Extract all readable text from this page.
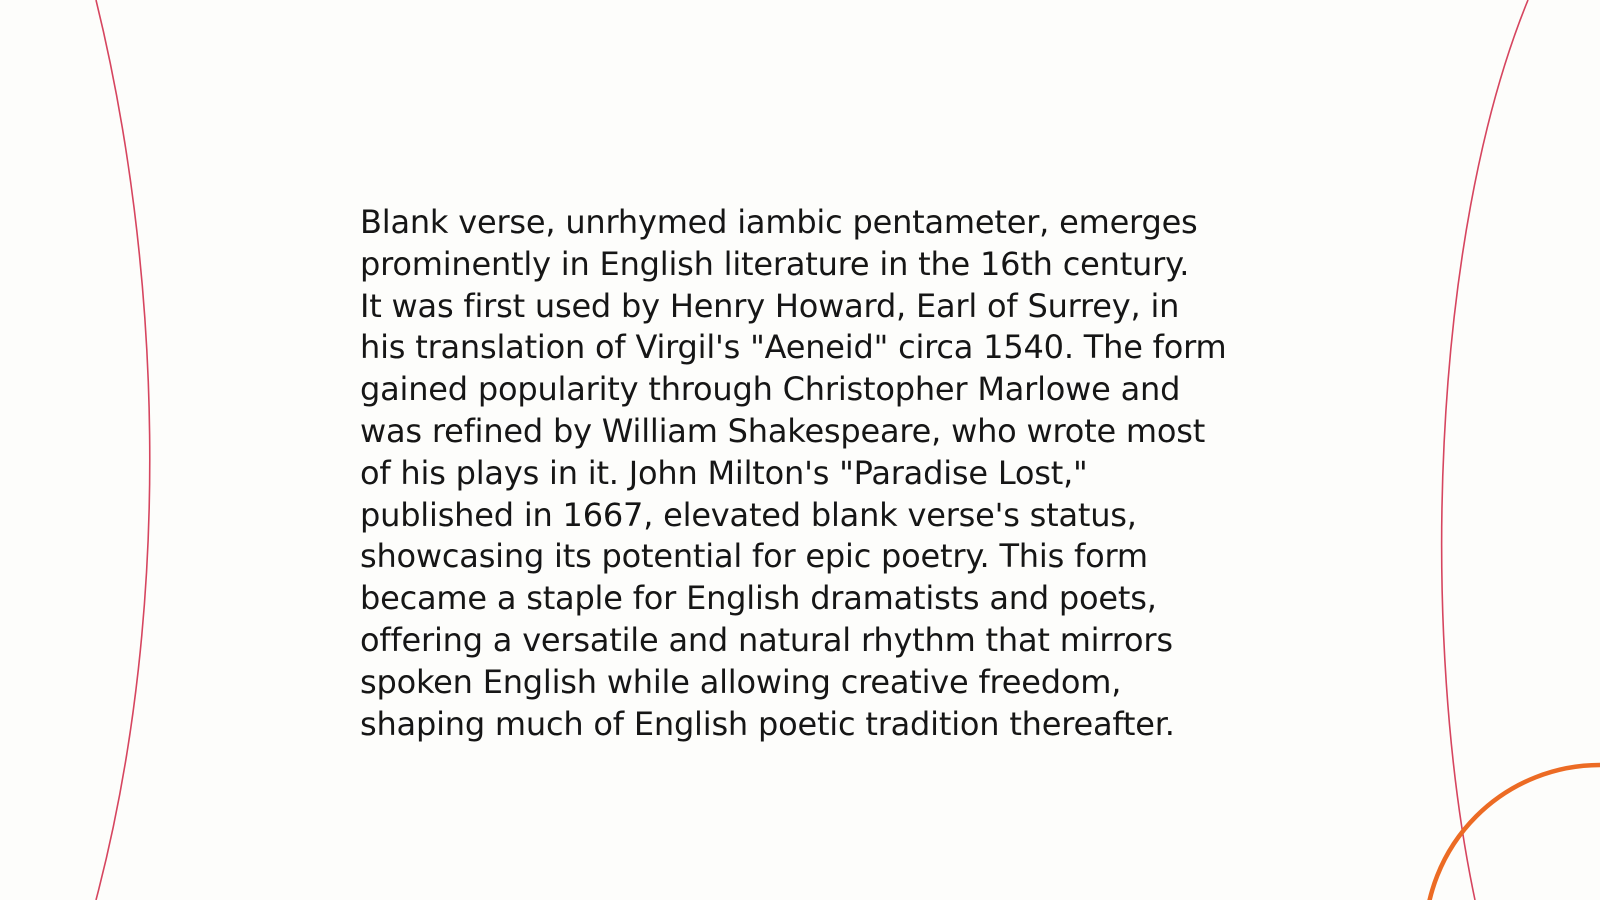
Blank verse, unrhymed iambic pentameter, emerges
prominently in English literature in the 16th century.
It was first used by Henry Howard, Earl of Surrey, in
his translation of Virgil's "Aeneid" circa 1540. The form
gained popularity through Christopher Marlowe and
was refined by William Shakespeare, who wrote most
of his plays in it. John Milton's "Paradise Lost,"
published in 1667, elevated blank verse's status,
showcasing its potential for epic poetry. This form
became a staple for English dramatists and poets,
offering a versatile and natural rhythm that mirrors
spoken English while allowing creative freedom,
shaping much of English poetic tradition thereafter.
